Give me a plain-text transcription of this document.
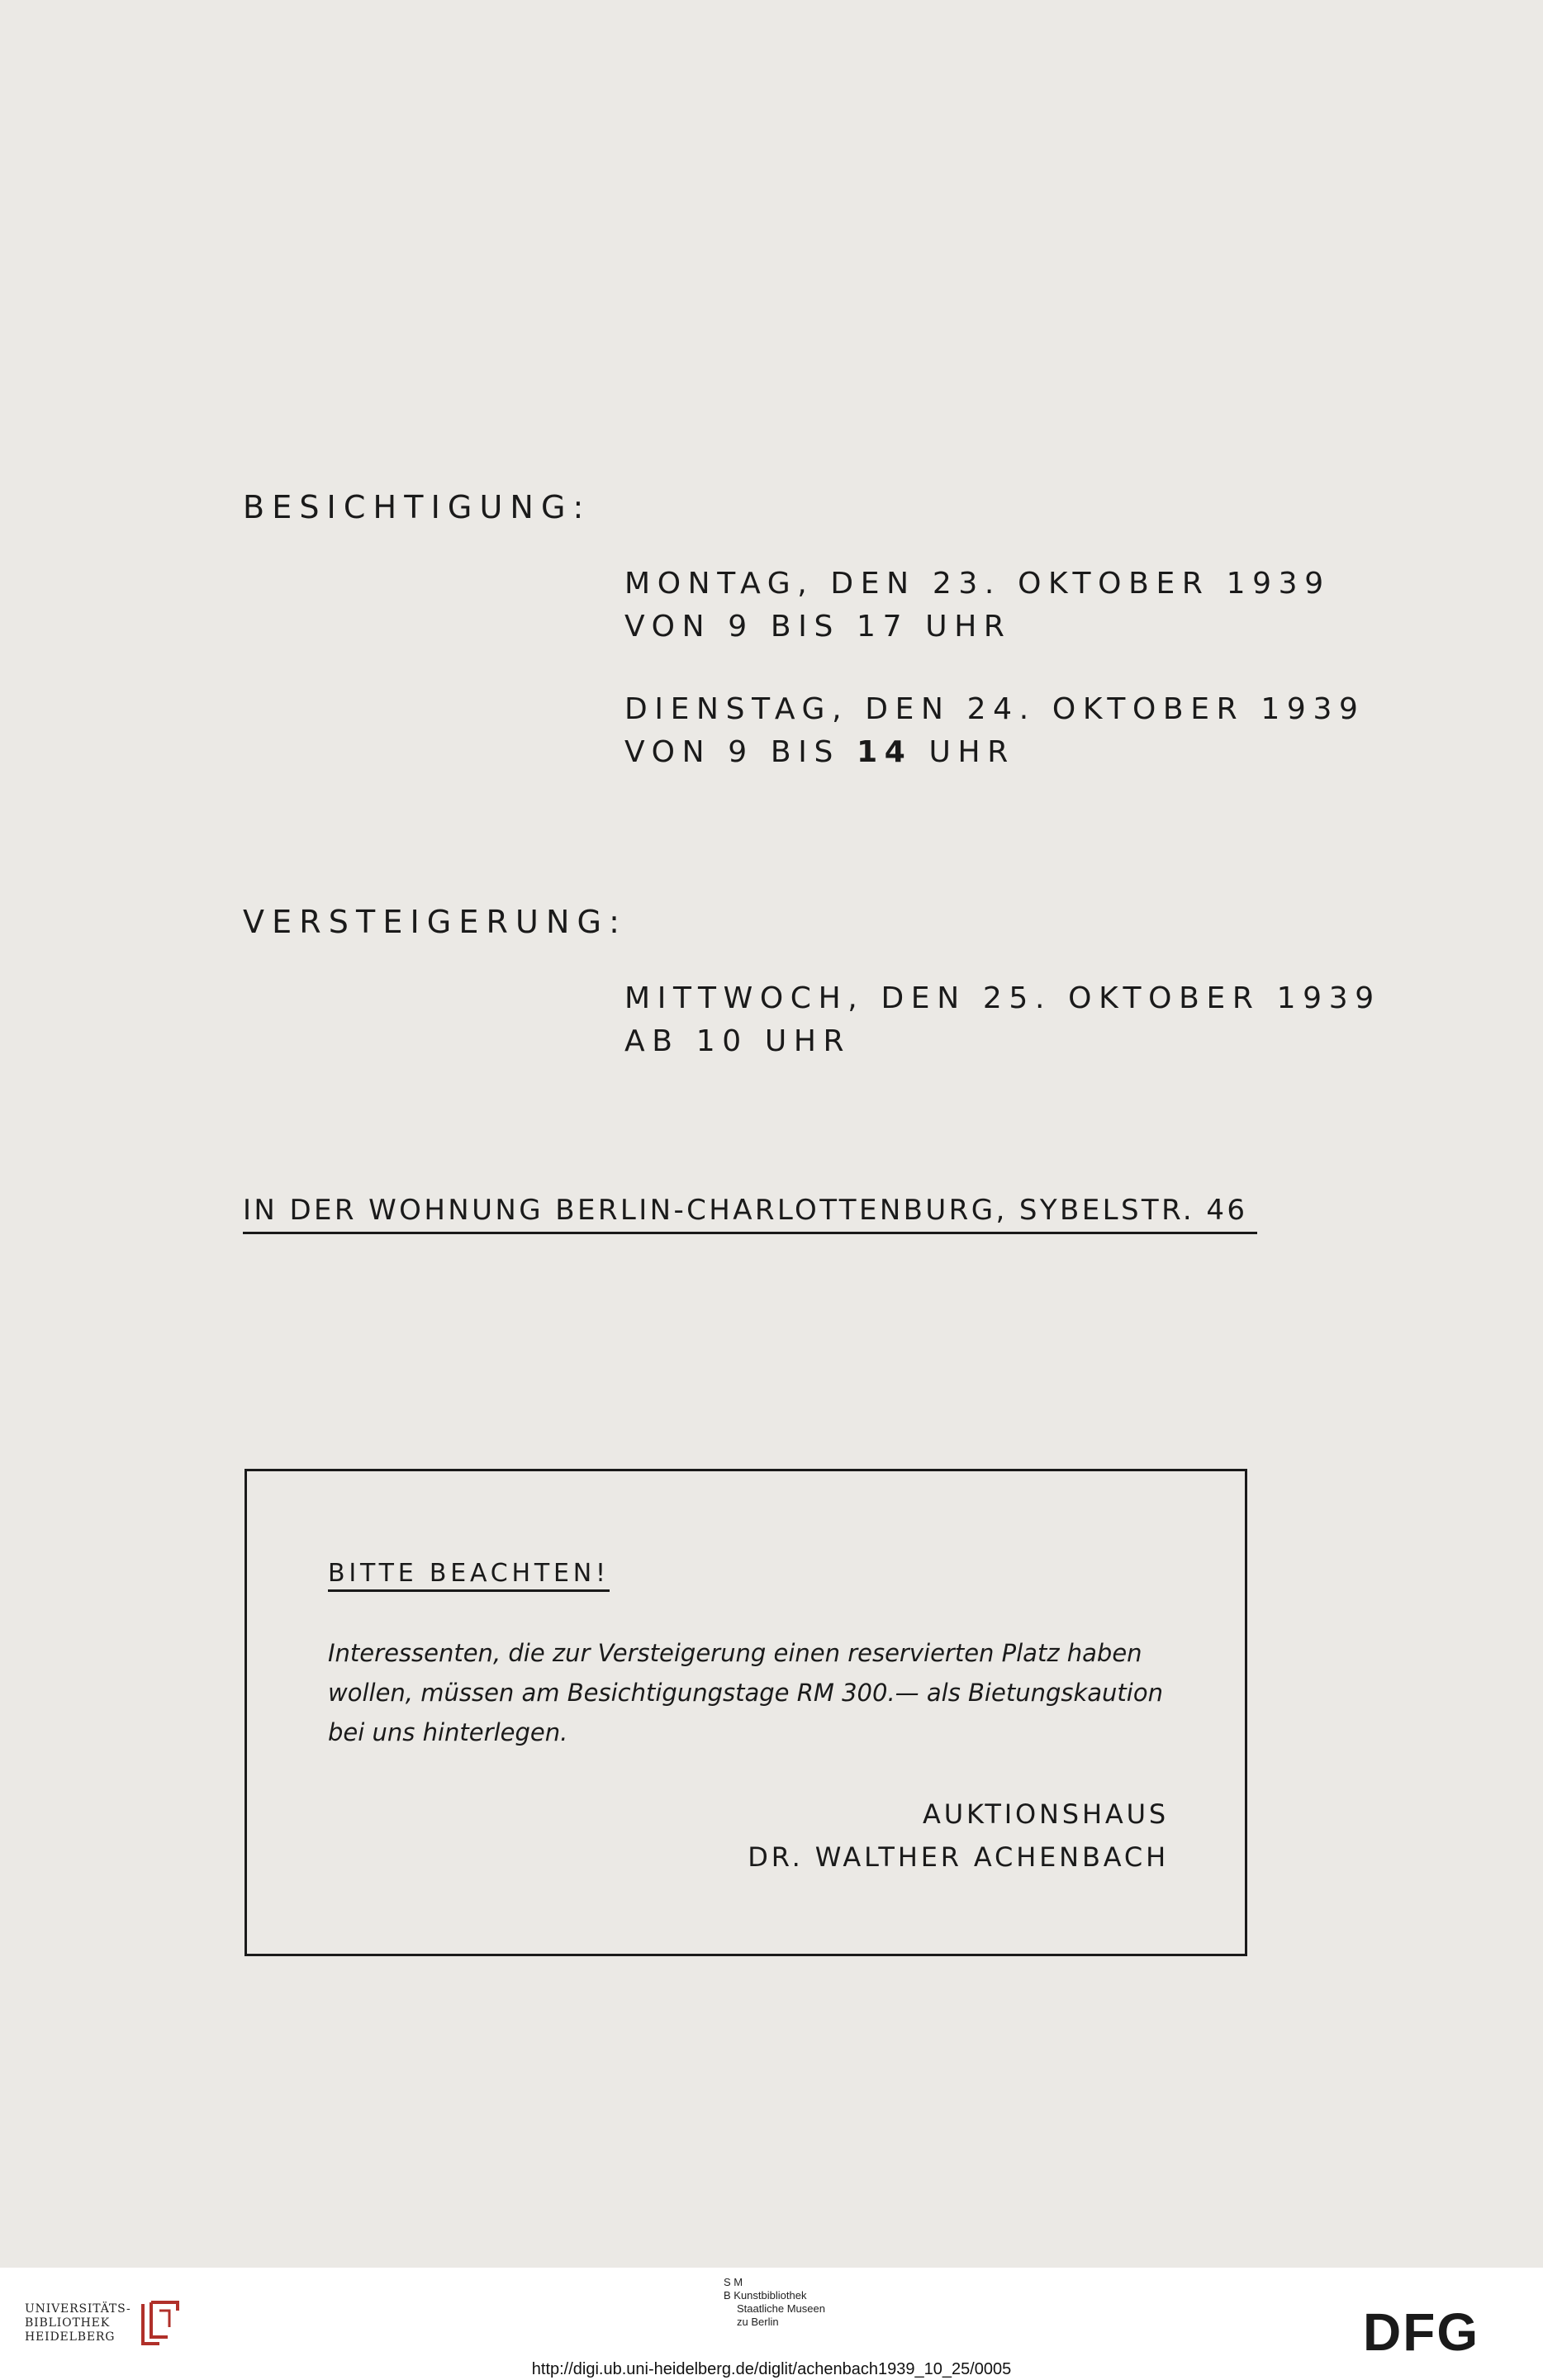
BESICHTIGUNG:
MONTAG, DEN 23. OKTOBER 1939
VON 9 BIS 17 UHR
DIENSTAG, DEN 24. OKTOBER 1939
VON 9 BIS 14 UHR
VERSTEIGERUNG:
MITTWOCH, DEN 25. OKTOBER 1939
AB 10 UHR
IN DER WOHNUNG BERLIN-CHARLOTTENBURG, SYBELSTR. 46
BITTE BEACHTEN!

Interessenten, die zur Versteigerung einen reservierten Platz haben wollen, müssen am Besichtigungstage RM 300.— als Bietungskaution bei uns hinterlegen.

AUKTIONSHAUS
DR. WALTHER ACHENBACH
UNIVERSITÄTS-
BIBLIOTHEK
HEIDELBERG
S M
B Kunstbibliothek
Staatliche Museen
zu Berlin	DFG
http://digi.ub.uni-heidelberg.de/diglit/achenbach1939_10_25/0005
